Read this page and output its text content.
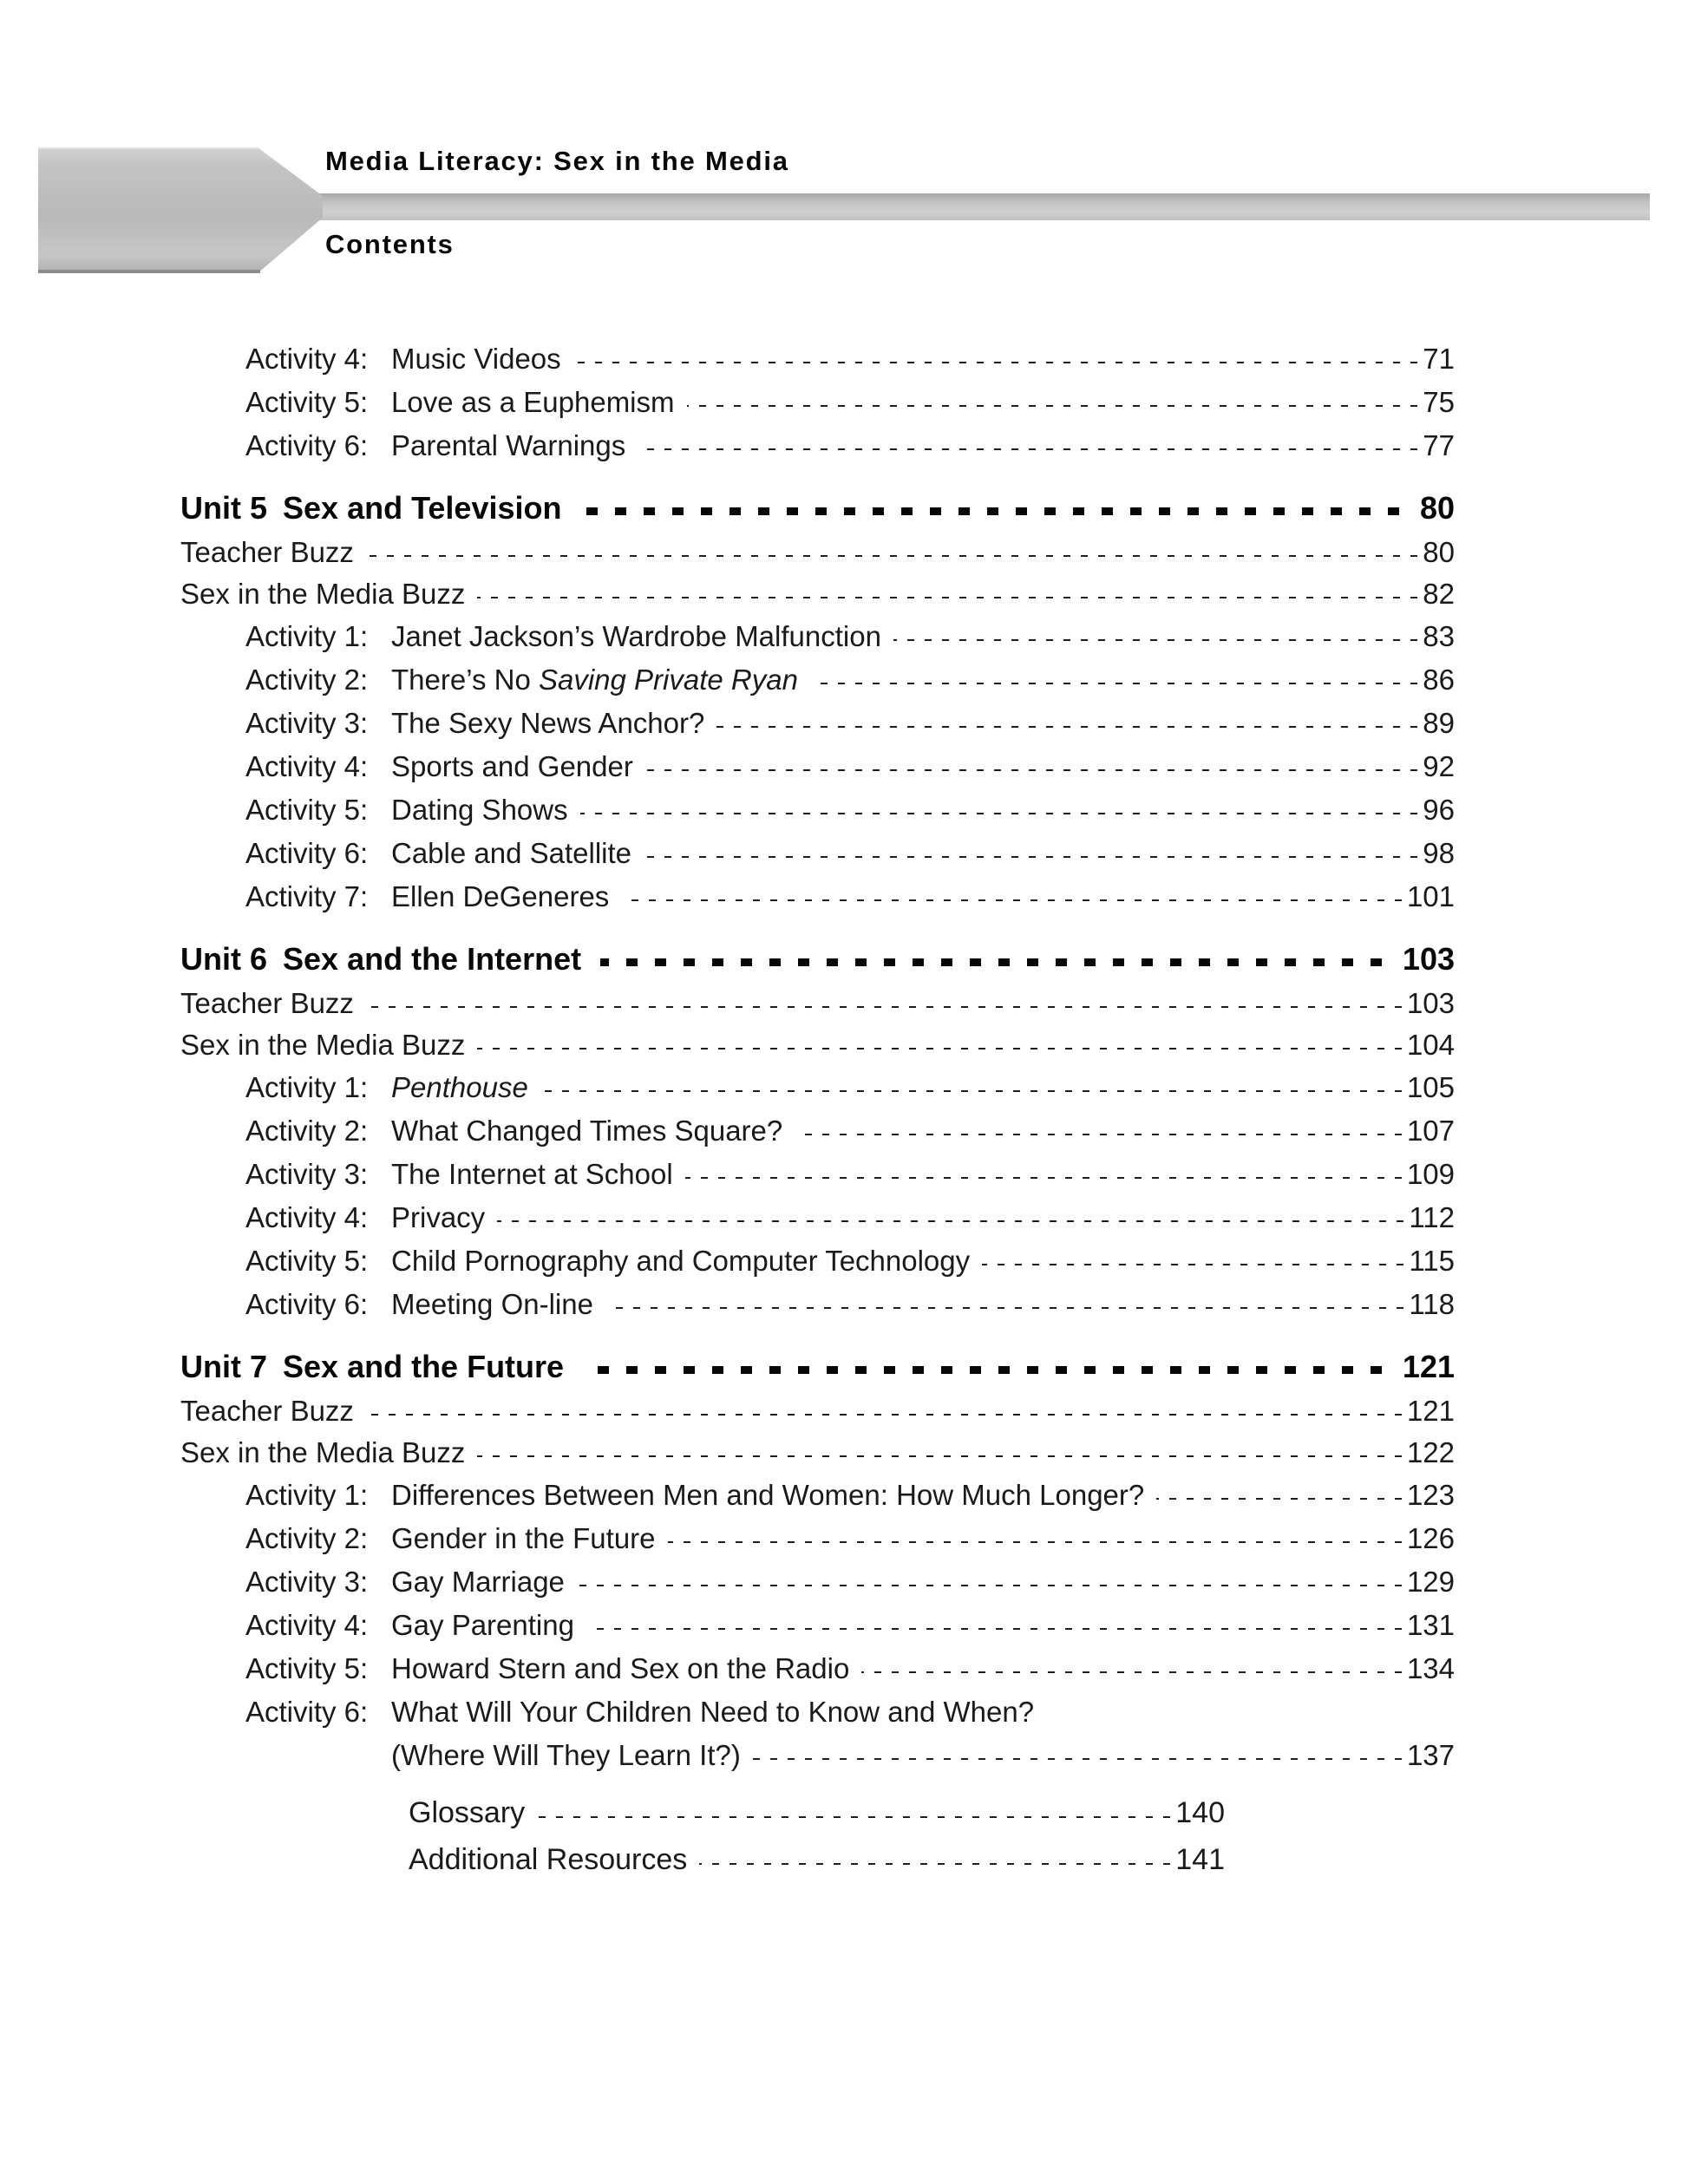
Media Literacy: Sex in the Media
Contents
Activity 4: Music Videos	71
Activity 5: Love as a Euphemism	75
Activity 6: Parental Warnings	77
Unit 5 Sex and Television	80
Teacher Buzz	80
Sex in the Media Buzz	82
Activity 1: Janet Jackson’s Wardrobe Malfunction	83
Activity 2: There’s No Saving Private Ryan	86
Activity 3: The Sexy News Anchor?	89
Activity 4: Sports and Gender	92
Activity 5: Dating Shows	96
Activity 6: Cable and Satellite	98
Activity 7: Ellen DeGeneres	101
Unit 6 Sex and the Internet	103
Teacher Buzz	103
Sex in the Media Buzz	104
Activity 1: Penthouse	105
Activity 2: What Changed Times Square?	107
Activity 3: The Internet at School	109
Activity 4: Privacy	112
Activity 5: Child Pornography and Computer Technology	115
Activity 6: Meeting On-line	118
Unit 7 Sex and the Future	121
Teacher Buzz	121
Sex in the Media Buzz	122
Activity 1: Differences Between Men and Women: How Much Longer?	123
Activity 2: Gender in the Future	126
Activity 3: Gay Marriage	129
Activity 4: Gay Parenting	131
Activity 5: Howard Stern and Sex on the Radio	134
Activity 6: What Will Your Children Need to Know and When?
(Where Will They Learn It?)	137
Glossary	140
Additional Resources	141
